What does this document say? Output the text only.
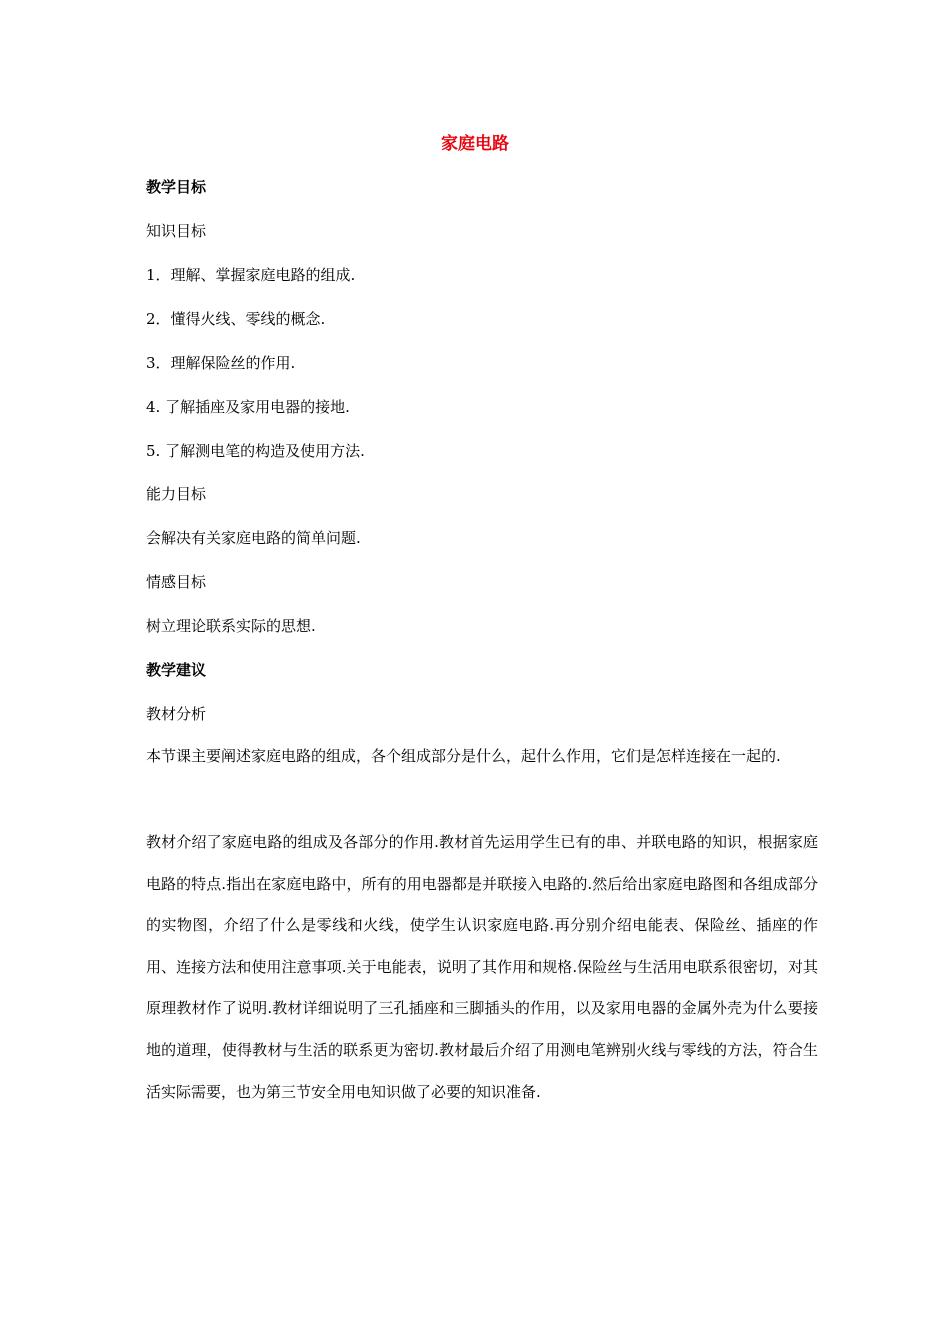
家庭电路
教学目标
知识目标
1．理解、掌握家庭电路的组成.
2．懂得火线、零线的概念.
3．理解保险丝的作用.
4. 了解插座及家用电器的接地.
5. 了解测电笔的构造及使用方法.
能力目标
会解决有关家庭电路的简单问题.
情感目标
树立理论联系实际的思想.
教学建议
教材分析
本节课主要阐述家庭电路的组成，各个组成部分是什么，起什么作用，它们是怎样连接在一起的.
教材介绍了家庭电路的组成及各部分的作用.教材首先运用学生已有的串、并联电路的知识，根据家庭电路的特点.指出在家庭电路中，所有的用电器都是并联接入电路的.然后给出家庭电路图和各组成部分的实物图，介绍了什么是零线和火线，使学生认识家庭电路.再分别介绍电能表、保险丝、插座的作用、连接方法和使用注意事项.关于电能表，说明了其作用和规格.保险丝与生活用电联系很密切，对其原理教材作了说明.教材详细说明了三孔插座和三脚插头的作用，以及家用电器的金属外壳为什么要接地的道理，使得教材与生活的联系更为密切.教材最后介绍了用测电笔辨别火线与零线的方法，符合生活实际需要，也为第三节安全用电知识做了必要的知识准备.
